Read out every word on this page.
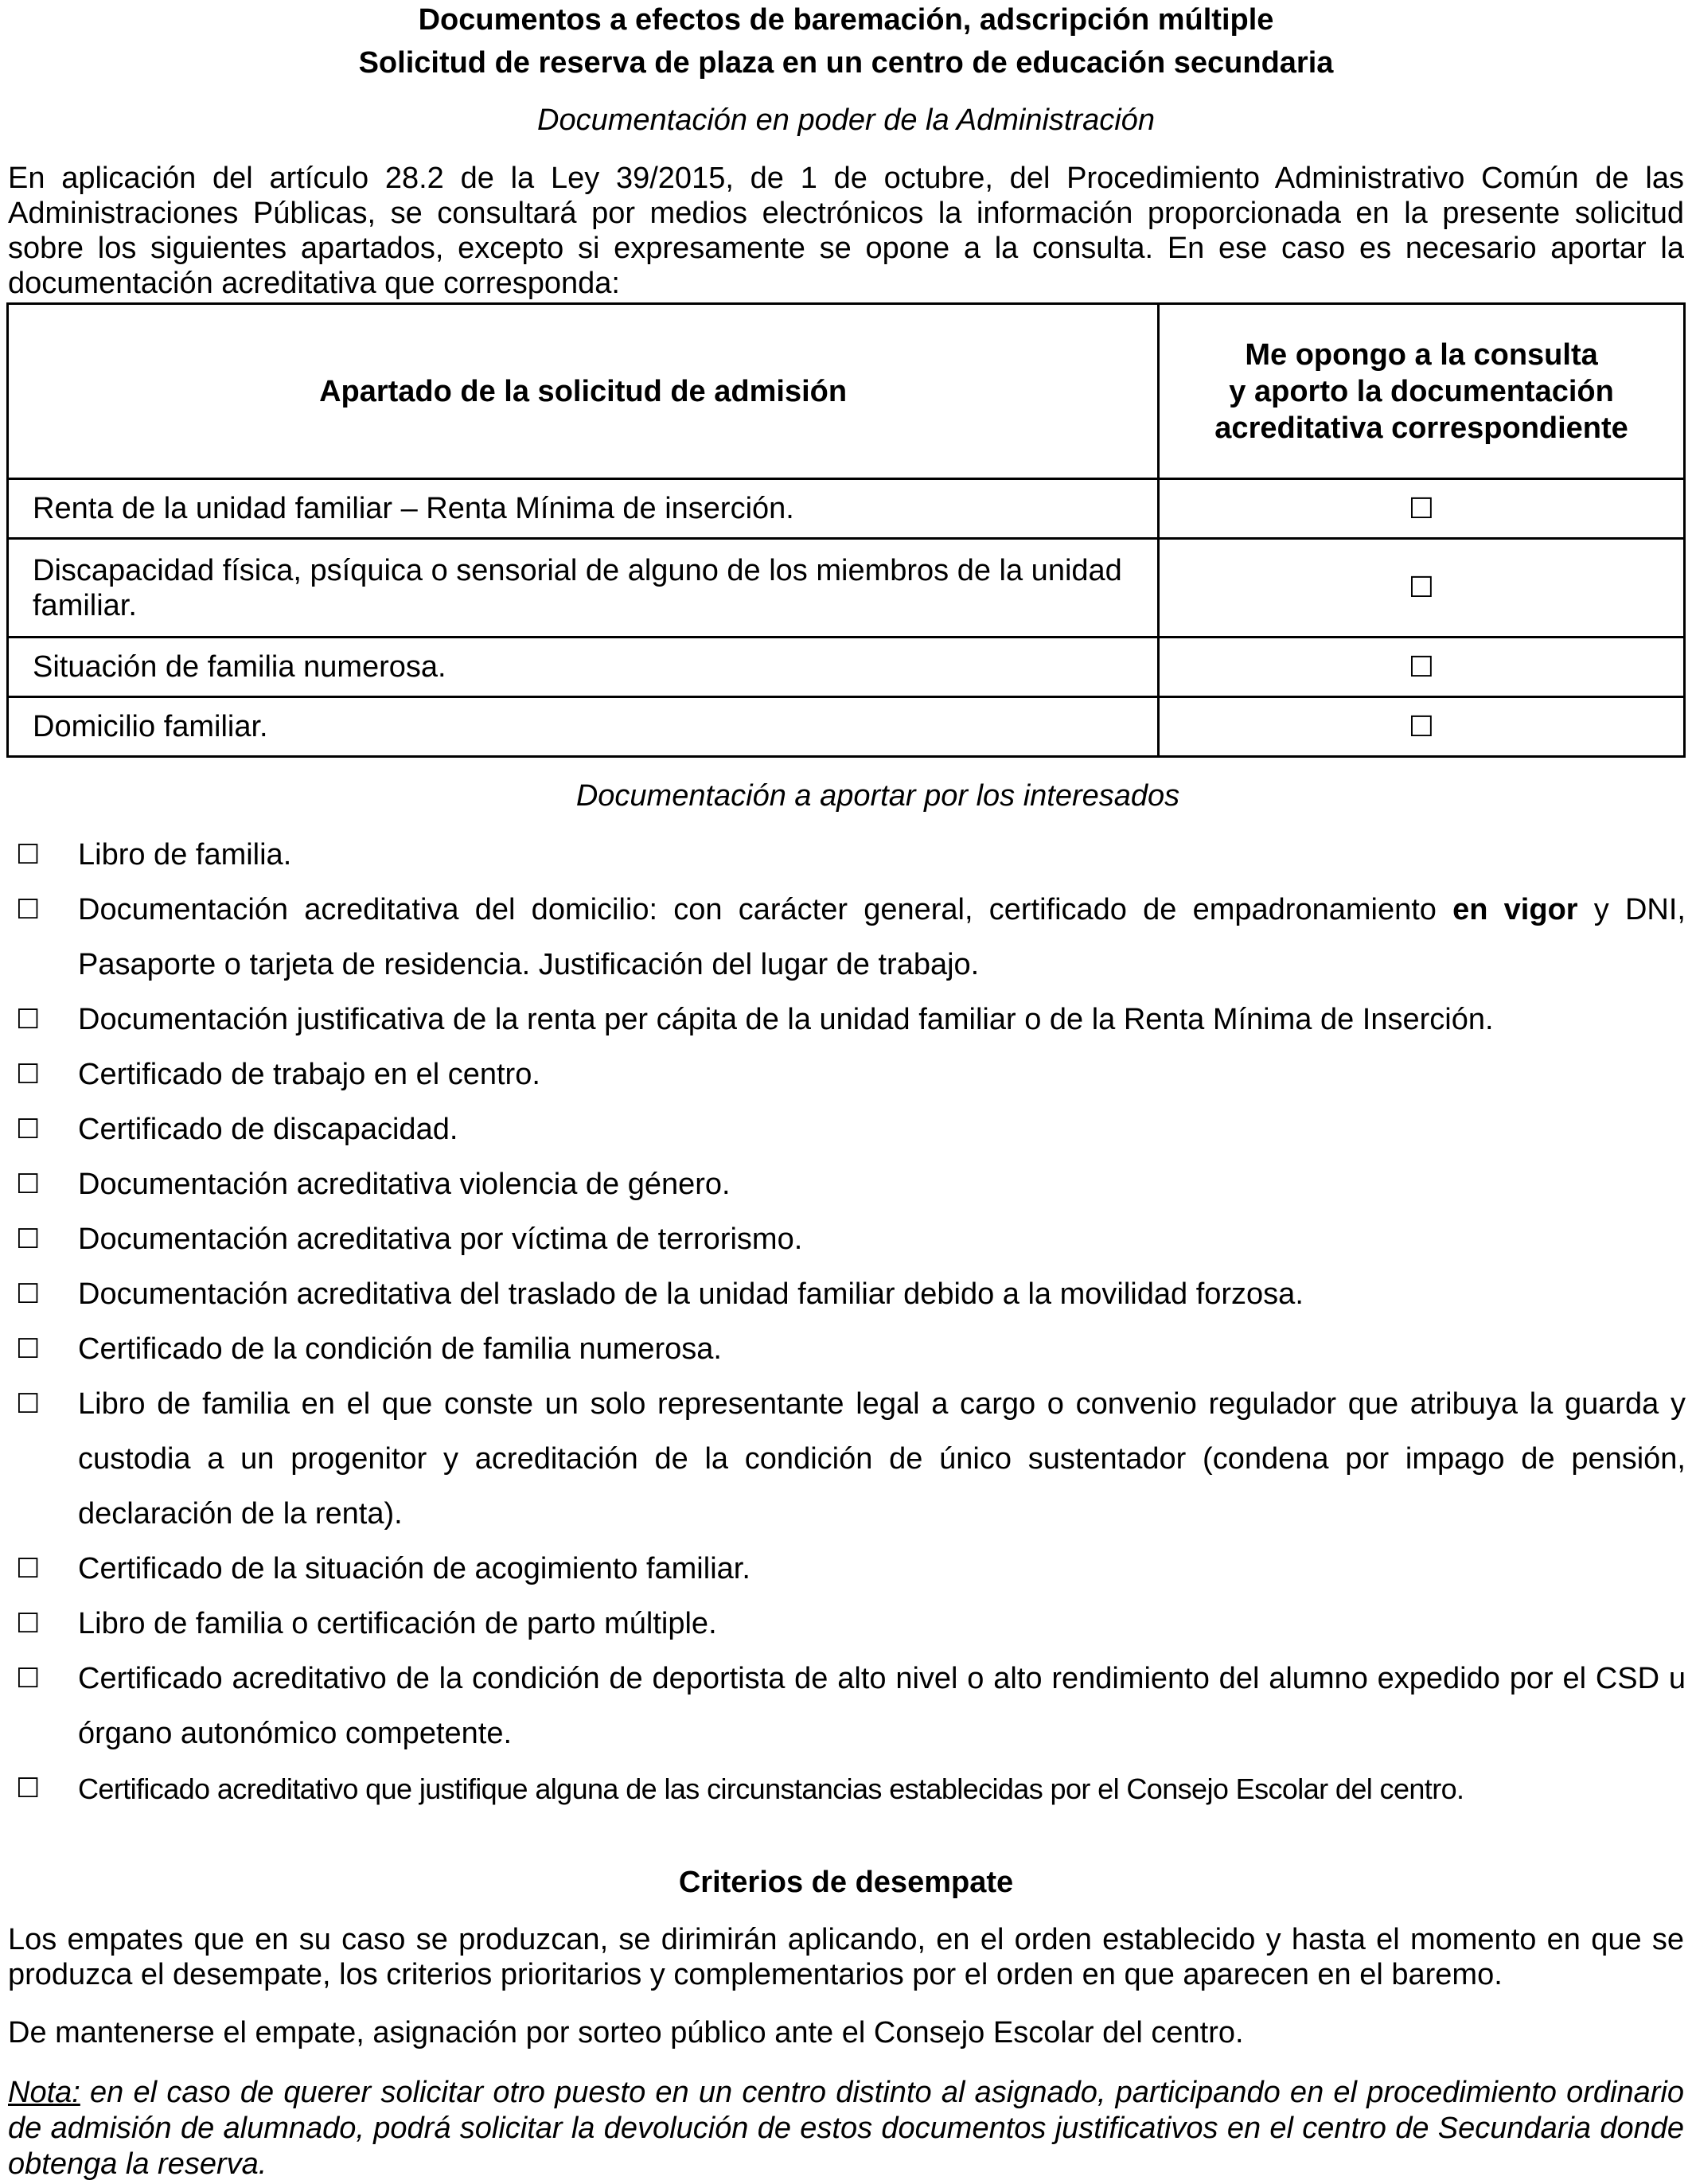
Documentos a efectos de baremación, adscripción múltiple
Solicitud de reserva de plaza en un centro de educación secundaria
Documentación en poder de la Administración
En aplicación del artículo 28.2 de la Ley 39/2015, de 1 de octubre, del Procedimiento Administrativo Común de las Administraciones Públicas, se consultará por medios electrónicos la información proporcionada en la presente solicitud sobre los siguientes apartados, excepto si expresamente se opone a la consulta. En ese caso es necesario aportar la documentación acreditativa que corresponda:
Apartado de la solicitud de admisión	Me opongo a la consulta
y aporto la documentación
acreditativa correspondiente

Renta de la unidad familiar – Renta Mínima de inserción.	☐
Discapacidad física, psíquica o sensorial de alguno de los miembros de la unidad familiar.	☐
Situación de familia numerosa.	☐
Domicilio familiar.	☐
Documentación a aportar por los interesados
☐ Libro de familia.
☐ Documentación acreditativa del domicilio: con carácter general, certificado de empadronamiento en vigor y DNI, Pasaporte o tarjeta de residencia. Justificación del lugar de trabajo.
☐ Documentación justificativa de la renta per cápita de la unidad familiar o de la Renta Mínima de Inserción.
☐ Certificado de trabajo en el centro.
☐ Certificado de discapacidad.
☐ Documentación acreditativa violencia de género.
☐ Documentación acreditativa por víctima de terrorismo.
☐ Documentación acreditativa del traslado de la unidad familiar debido a la movilidad forzosa.
☐ Certificado de la condición de familia numerosa.
☐ Libro de familia en el que conste un solo representante legal a cargo o convenio regulador que atribuya la guarda y custodia a un progenitor y acreditación de la condición de único sustentador (condena por impago de pensión, declaración de la renta).
☐ Certificado de la situación de acogimiento familiar.
☐ Libro de familia o certificación de parto múltiple.
☐ Certificado acreditativo de la condición de deportista de alto nivel o alto rendimiento del alumno expedido por el CSD u órgano autonómico competente.
☐ Certificado acreditativo que justifique alguna de las circunstancias establecidas por el Consejo Escolar del centro.
Criterios de desempate
Los empates que en su caso se produzcan, se dirimirán aplicando, en el orden establecido y hasta el momento en que se produzca el desempate, los criterios prioritarios y complementarios por el orden en que aparecen en el baremo.
De mantenerse el empate, asignación por sorteo público ante el Consejo Escolar del centro.
Nota: en el caso de querer solicitar otro puesto en un centro distinto al asignado, participando en el procedimiento ordinario de admisión de alumnado, podrá solicitar la devolución de estos documentos justificativos en el centro de Secundaria donde obtenga la reserva.
